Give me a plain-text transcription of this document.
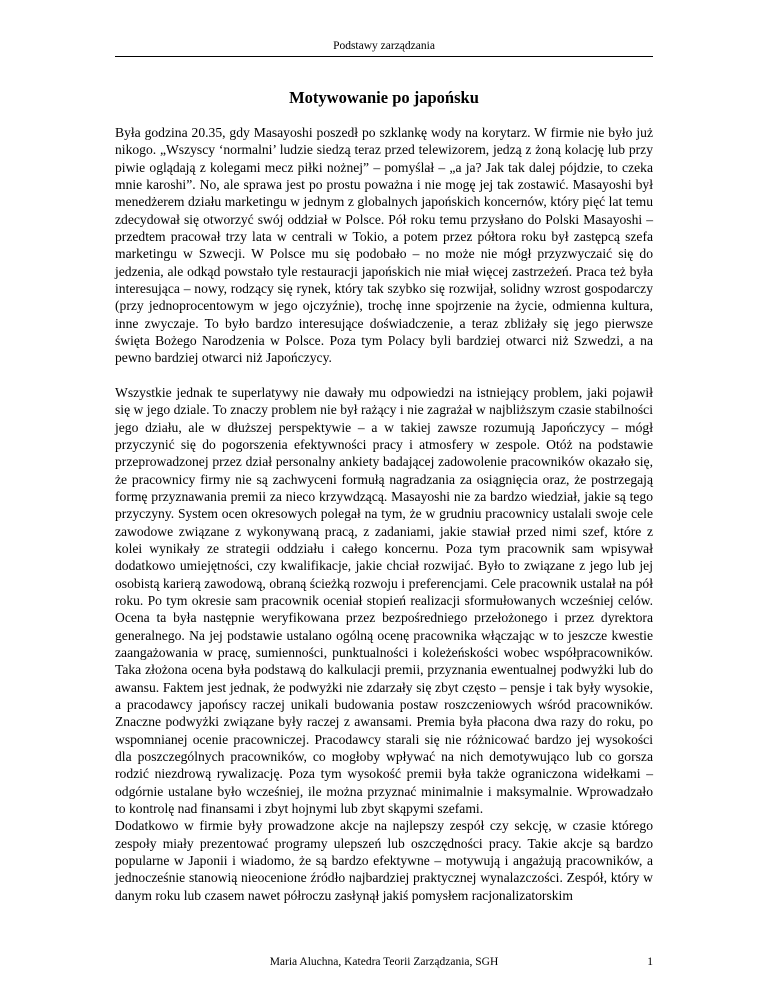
Podstawy zarządzania
Motywowanie po japońsku

Była godzina 20.35, gdy Masayoshi poszedł po szklankę wody na korytarz. W firmie nie było już nikogo. „Wszyscy ‘normalni’ ludzie siedzą teraz przed telewizorem, jedzą z żoną kolację lub przy piwie oglądają z kolegami mecz piłki nożnej” – pomyślał – „a ja? Jak tak dalej pójdzie, to czeka mnie karoshi”. No, ale sprawa jest po prostu poważna i nie mogę jej tak zostawić. Masayoshi był menedżerem działu marketingu w jednym z globalnych japońskich koncernów, który pięć lat temu zdecydował się otworzyć swój oddział w Polsce. Pół roku temu przysłano do Polski Masayoshi – przedtem pracował trzy lata w centrali w Tokio, a potem przez półtora roku był zastępcą szefa marketingu w Szwecji. W Polsce mu się podobało – no może nie mógł przyzwyczaić się do jedzenia, ale odkąd powstało tyle restauracji japońskich nie miał więcej zastrzeżeń. Praca też była interesująca – nowy, rodzący się rynek, który tak szybko się rozwijał, solidny wzrost gospodarczy (przy jednoprocentowym w jego ojczyźnie), trochę inne spojrzenie na życie, odmienna kultura, inne zwyczaje. To było bardzo interesujące doświadczenie, a teraz zbliżały się jego pierwsze święta Bożego Narodzenia w Polsce. Poza tym Polacy byli bardziej otwarci niż Szwedzi, a na pewno bardziej otwarci niż Japończycy.

Wszystkie jednak te superlatywy nie dawały mu odpowiedzi na istniejący problem, jaki pojawił się w jego dziale. To znaczy problem nie był rażący i nie zagrażał w najbliższym czasie stabilności jego działu, ale w dłuższej perspektywie – a w takiej zawsze rozumują Japończycy – mógł przyczynić się do pogorszenia efektywności pracy i atmosfery w zespole. Otóż na podstawie przeprowadzonej przez dział personalny ankiety badającej zadowolenie pracowników okazało się, że pracownicy firmy nie są zachwyceni formułą nagradzania za osiągnięcia oraz, że postrzegają formę przyznawania premii za nieco krzywdzącą. Masayoshi nie za bardzo wiedział, jakie są tego przyczyny. System ocen okresowych polegał na tym, że w grudniu pracownicy ustalali swoje cele zawodowe związane z wykonywaną pracą, z zadaniami, jakie stawiał przed nimi szef, które z kolei wynikały ze strategii oddziału i całego koncernu. Poza tym pracownik sam wpisywał dodatkowo umiejętności, czy kwalifikacje, jakie chciał rozwijać. Było to związane z jego lub jej osobistą karierą zawodową, obraną ścieżką rozwoju i preferencjami. Cele pracownik ustalał na pół roku. Po tym okresie sam pracownik oceniał stopień realizacji sformułowanych wcześniej celów. Ocena ta była następnie weryfikowana przez bezpośredniego przełożonego i przez dyrektora generalnego. Na jej podstawie ustalano ogólną ocenę pracownika włączając w to jeszcze kwestie zaangażowania w pracę, sumienności, punktualności i koleżeńskości wobec współpracowników. Taka złożona ocena była podstawą do kalkulacji premii, przyznania ewentualnej podwyżki lub do awansu. Faktem jest jednak, że podwyżki nie zdarzały się zbyt często – pensje i tak były wysokie, a pracodawcy japońscy raczej unikali budowania postaw roszczeniowych wśród pracowników. Znaczne podwyżki związane były raczej z awansami. Premia była płacona dwa razy do roku, po wspomnianej ocenie pracowniczej. Pracodawcy starali się nie różnicować bardzo jej wysokości dla poszczególnych pracowników, co mogłoby wpływać na nich demotywująco lub co gorsza rodzić niezdrową rywalizację. Poza tym wysokość premii była także ograniczona widełkami – odgórnie ustalane było wcześniej, ile można przyznać minimalnie i maksymalnie. Wprowadzało to kontrolę nad finansami i zbyt hojnymi lub zbyt skąpymi szefami.

Dodatkowo w firmie były prowadzone akcje na najlepszy zespół czy sekcję, w czasie którego zespoły miały prezentować programy ulepszeń lub oszczędności pracy. Takie akcje są bardzo popularne w Japonii i wiadomo, że są bardzo efektywne – motywują i angażują pracowników, a jednocześnie stanowią nieocenione źródło najbardziej praktycznej wynalazczości. Zespół, który w danym roku lub czasem nawet półroczu zasłynął jakiś pomysłem racjonalizatorskim

Maria Aluchna, Katedra Teorii Zarządzania, SGH	1
